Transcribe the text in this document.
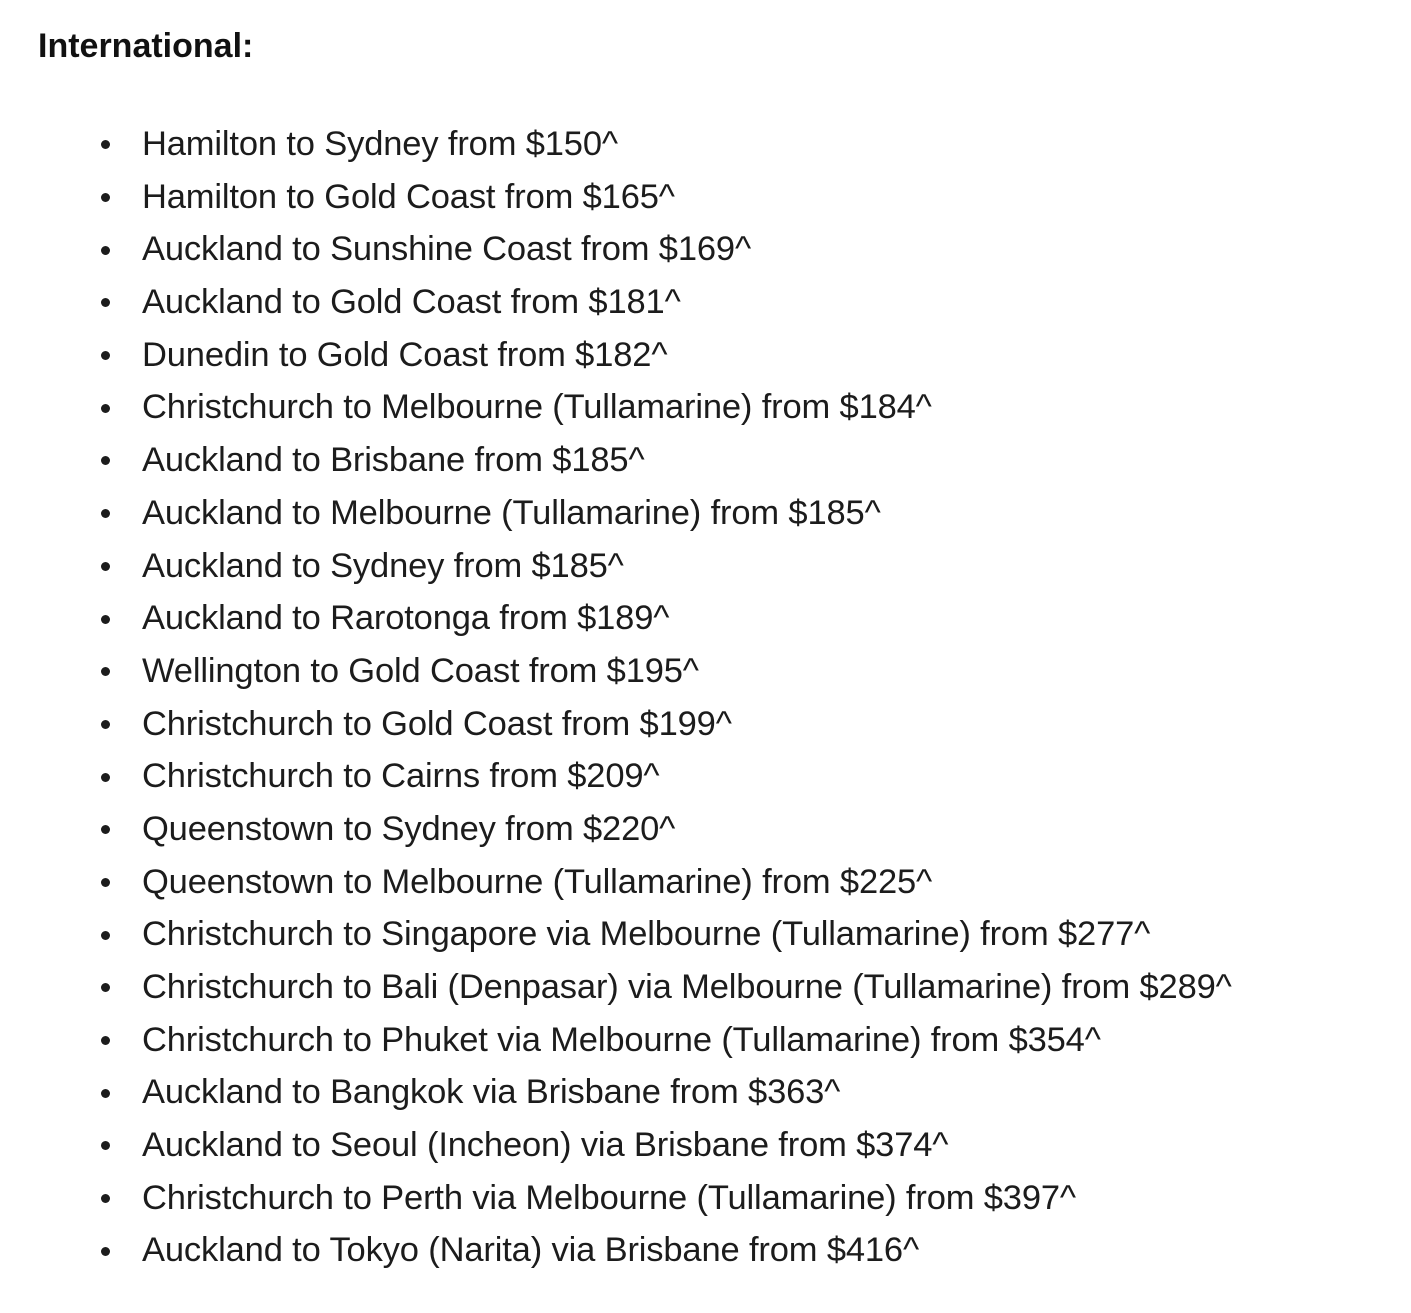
International:
Hamilton to Sydney from $150^
Hamilton to Gold Coast from $165^
Auckland to Sunshine Coast from $169^
Auckland to Gold Coast from $181^
Dunedin to Gold Coast from $182^
Christchurch to Melbourne (Tullamarine) from $184^
Auckland to Brisbane from $185^
Auckland to Melbourne (Tullamarine) from $185^
Auckland to Sydney from $185^
Auckland to Rarotonga from $189^
Wellington to Gold Coast from $195^
Christchurch to Gold Coast from $199^
Christchurch to Cairns from $209^
Queenstown to Sydney from $220^
Queenstown to Melbourne (Tullamarine) from $225^
Christchurch to Singapore via Melbourne (Tullamarine) from $277^
Christchurch to Bali (Denpasar) via Melbourne (Tullamarine) from $289^
Christchurch to Phuket via Melbourne (Tullamarine) from $354^
Auckland to Bangkok via Brisbane from $363^
Auckland to Seoul (Incheon) via Brisbane from $374^
Christchurch to Perth via Melbourne (Tullamarine) from $397^
Auckland to Tokyo (Narita) via Brisbane from $416^
